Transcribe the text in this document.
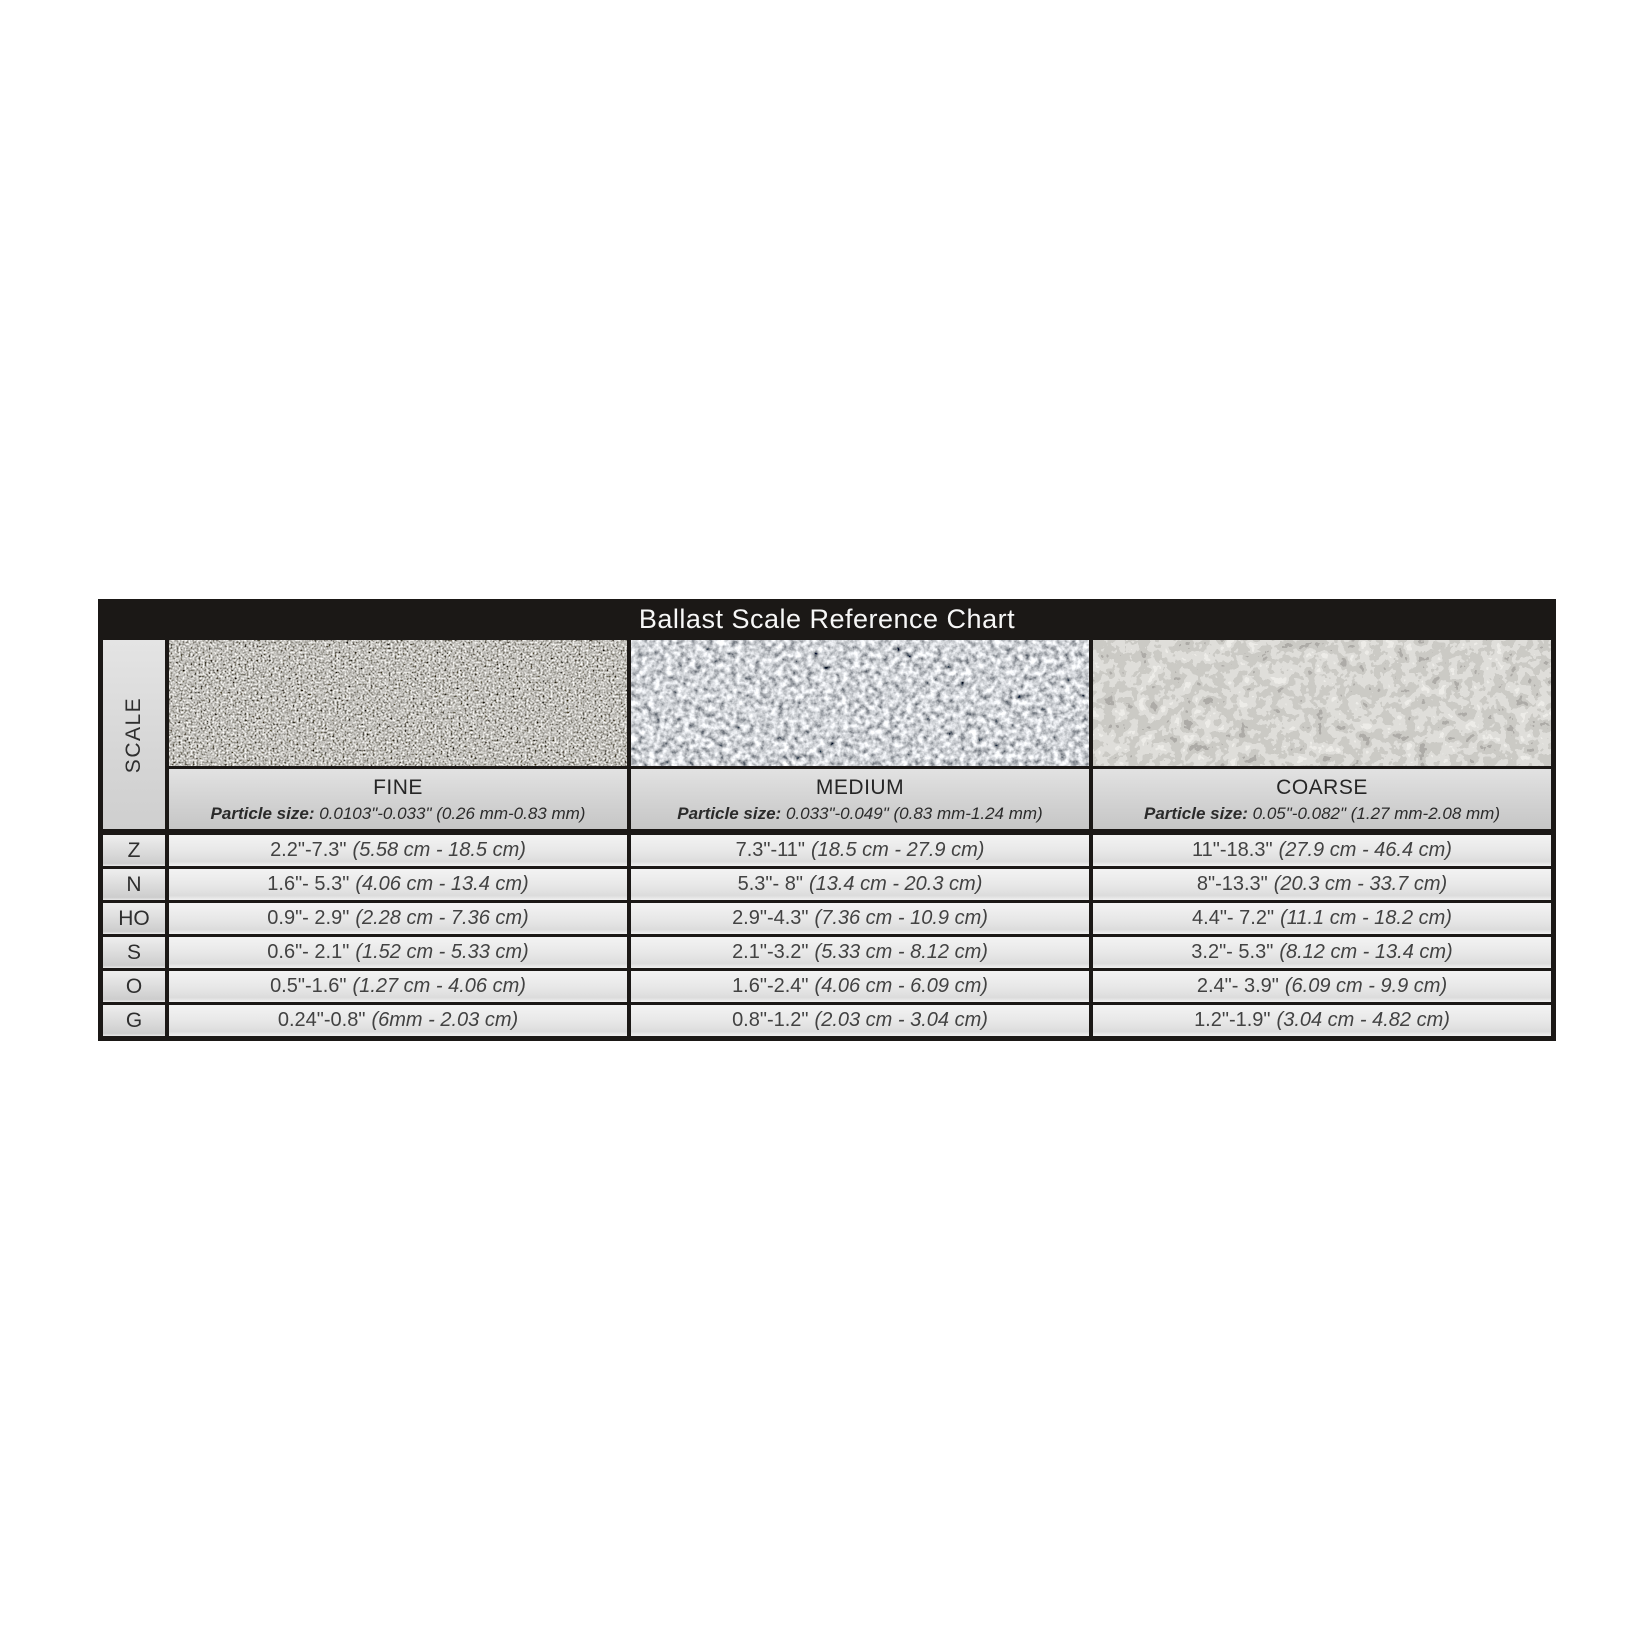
Ballast Scale Reference Chart
SCALE
FINE
Particle size: 0.0103"-0.033" (0.26 mm-0.83 mm)
MEDIUM
Particle size: 0.033"-0.049" (0.83 mm-1.24 mm)
COARSE
Particle size: 0.05"-0.082" (1.27 mm-2.08 mm)
Z	2.2"-7.3" (5.58 cm - 18.5 cm)	7.3"-11" (18.5 cm - 27.9 cm)	11"-18.3" (27.9 cm - 46.4 cm)
N	1.6"- 5.3" (4.06 cm - 13.4 cm)	5.3"- 8" (13.4 cm - 20.3 cm)	8"-13.3" (20.3 cm - 33.7 cm)
HO	0.9"- 2.9" (2.28 cm - 7.36 cm)	2.9"-4.3" (7.36 cm - 10.9 cm)	4.4"- 7.2" (11.1 cm - 18.2 cm)
S	0.6"- 2.1" (1.52 cm - 5.33 cm)	2.1"-3.2" (5.33 cm - 8.12 cm)	3.2"- 5.3" (8.12 cm - 13.4 cm)
O	0.5"-1.6" (1.27 cm - 4.06 cm)	1.6"-2.4" (4.06 cm - 6.09 cm)	2.4"- 3.9" (6.09 cm - 9.9 cm)
G	0.24"-0.8" (6mm - 2.03 cm)	0.8"-1.2" (2.03 cm - 3.04 cm)	1.2"-1.9" (3.04 cm - 4.82 cm)
